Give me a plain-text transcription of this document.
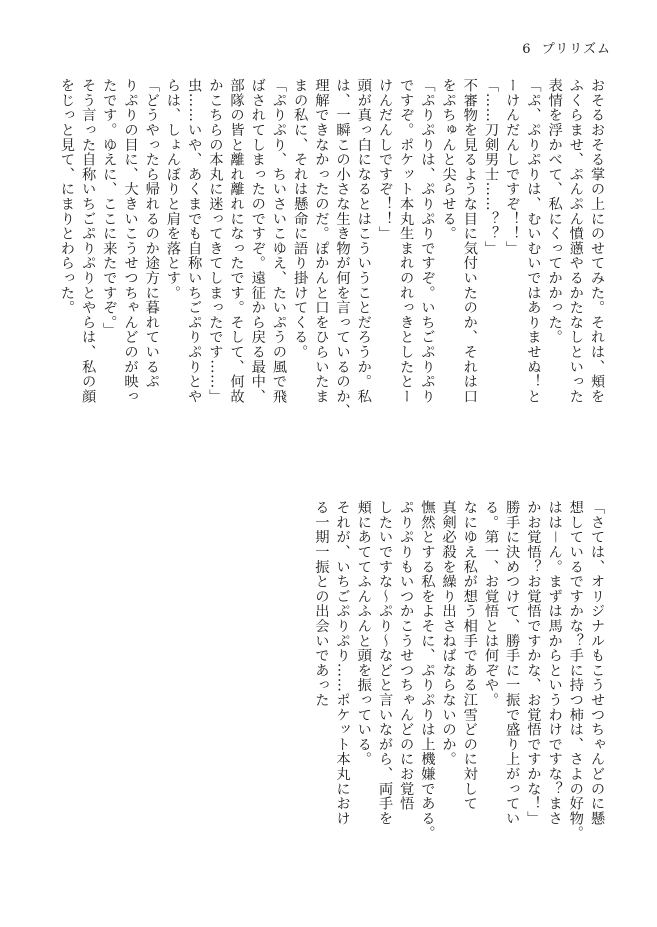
6 プリリズム
おそるおそる掌の上にのせてみた。それは、頬を
ふくらませ、ぷんぷん憤懣やるかたなしといった
表情を浮かべて、私にくってかかった。
「ぷ、ぷりぷりは、むいむいではありませぬ！と
ーけんだんしですぞ！！」
「……刀剣男士……？？」
不審物を見るような目に気付いたのか、それは口
をぷちゅんと尖らせる。
「ぷりぷりは、ぷりぷりですぞ。いちごぷりぷり
ですぞ。ポケット本丸生まれのれっきとしたとー
けんだんしですぞ！！」
頭が真っ白になるとはこういうことだろうか。私
は、一瞬この小さな生き物が何を言っているのか、
理解できなかったのだ。ぽかんと口をひらいたま
まの私に、それは懸命に語り掛けてくる。
「ぷりぷり、ちいさいこゆえ、たいぷうの風で飛
ばされてしまったのですぞ。遠征から戻る最中、
部隊の皆と離れ離れになったです。そして、何故
かこちらの本丸に迷ってきてしまったです……」
虫……いや、あくまでも自称いちごぷりぷりとや
らは、しょんぼりと肩を落とす。
「どうやったら帰れるのか途方に暮れているぷ
りぷりの目に、大きいこうせつちゃんどのが映っ
たです。ゆえに、ここに来たですぞ。」
そう言った自称いちごぷりぷりとやらは、私の顔
をじっと見て、にまりとわらった。
「さては、オリジナルもこうせつちゃんどのに懸
想しているですかな？手に持つ柿は、さよの好物。
はは－ん。まずは馬からというわけですな？まさ
かお覚悟？お覚悟ですかな、お覚悟ですかな！」
勝手に決めつけて、勝手に一振で盛り上がってい
る。第一、お覚悟とは何ぞや。
なにゆえ私が想う相手である江雪どのに対して
真剣必殺を繰り出さねばならないのか。
憮然とする私をよそに、ぷりぷりは上機嫌である。
ぷりぷりもいつかこうせつちゃんどのにお覚悟
したいですな～ぷり～などと言いながら、両手を
頬にあててふんふんと頭を振っている。
それが、いちごぷりぷり……ポケット本丸におけ
る一期一振との出会いであった
